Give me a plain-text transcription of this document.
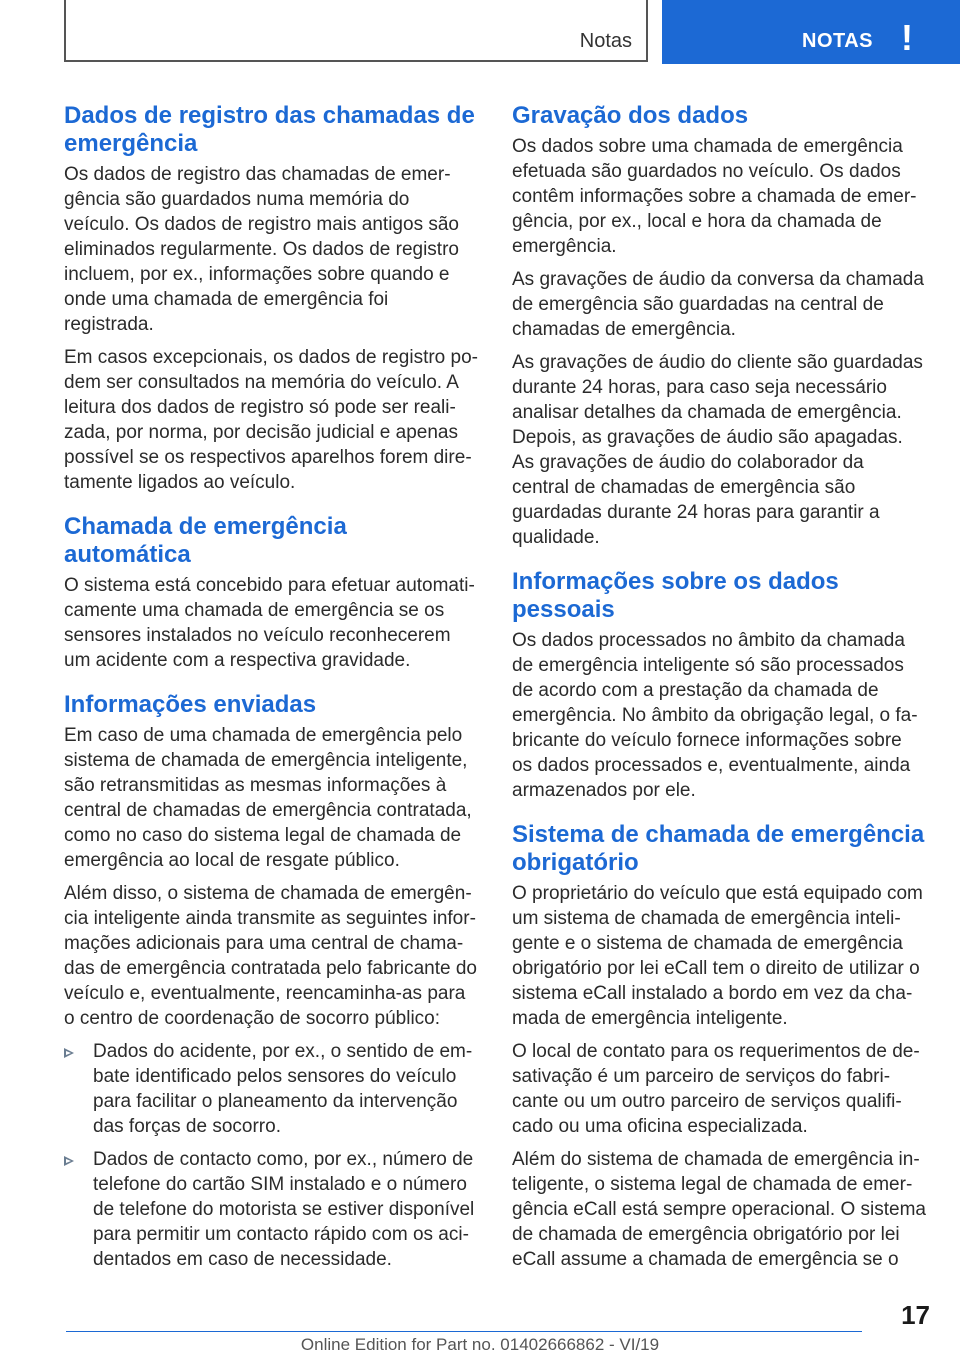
Notas	NOTAS !
Dados de registro das chamadas de emergência

Os dados de registro das chamadas de emergência são guardados numa memória do veículo. Os dados de registro mais antigos são eliminados regularmente. Os dados de registro incluem, por ex., informações sobre quando e onde uma chamada de emergência foi registrada.

Em casos excepcionais, os dados de registro podem ser consultados na memória do veículo. A leitura dos dados de registro só pode ser realizada, por norma, por decisão judicial e apenas possível se os respectivos aparelhos forem diretamente ligados ao veículo.

Chamada de emergência automática

O sistema está concebido para efetuar automaticamente uma chamada de emergência se os sensores instalados no veículo reconhecerem um acidente com a respectiva gravidade.

Informações enviadas

Em caso de uma chamada de emergência pelo sistema de chamada de emergência inteligente, são retransmitidas as mesmas informações à central de chamadas de emergência contratada, como no caso do sistema legal de chamada de emergência ao local de resgate público.

Além disso, o sistema de chamada de emergência inteligente ainda transmite as seguintes informações adicionais para uma central de chamadas de emergência contratada pelo fabricante do veículo e, eventualmente, reencaminha-as para o centro de coordenação de socorro público:

Dados do acidente, por ex., o sentido de embate identificado pelos sensores do veículo para facilitar o planeamento da intervenção das forças de socorro.
Dados de contacto como, por ex., número de telefone do cartão SIM instalado e o número de telefone do motorista se estiver disponível para permitir um contacto rápido com os acidentados em caso de necessidade.
Gravação dos dados

Os dados sobre uma chamada de emergência efetuada são guardados no veículo. Os dados contêm informações sobre a chamada de emergência, por ex., local e hora da chamada de emergência.

As gravações de áudio da conversa da chamada de emergência são guardadas na central de chamadas de emergência.

As gravações de áudio do cliente são guardadas durante 24 horas, para caso seja necessário analisar detalhes da chamada de emergência. Depois, as gravações de áudio são apagadas. As gravações de áudio do colaborador da central de chamadas de emergência são guardadas durante 24 horas para garantir a qualidade.

Informações sobre os dados pessoais

Os dados processados no âmbito da chamada de emergência inteligente só são processados de acordo com a prestação da chamada de emergência. No âmbito da obrigação legal, o fabricante do veículo fornece informações sobre os dados processados e, eventualmente, ainda armazenados por ele.

Sistema de chamada de emergência obrigatório

O proprietário do veículo que está equipado com um sistema de chamada de emergência inteligente e o sistema de chamada de emergência obrigatório por lei eCall tem o direito de utilizar o sistema eCall instalado a bordo em vez da chamada de emergência inteligente.

O local de contato para os requerimentos de desativação é um parceiro de serviços do fabricante ou um outro parceiro de serviços qualificado ou uma oficina especializada.

Além do sistema de chamada de emergência inteligente, o sistema legal de chamada de emergência eCall está sempre operacional. O sistema de chamada de emergência obrigatório por lei eCall assume a chamada de emergência se o

17
Online Edition for Part no. 01402666862 - VI/19
